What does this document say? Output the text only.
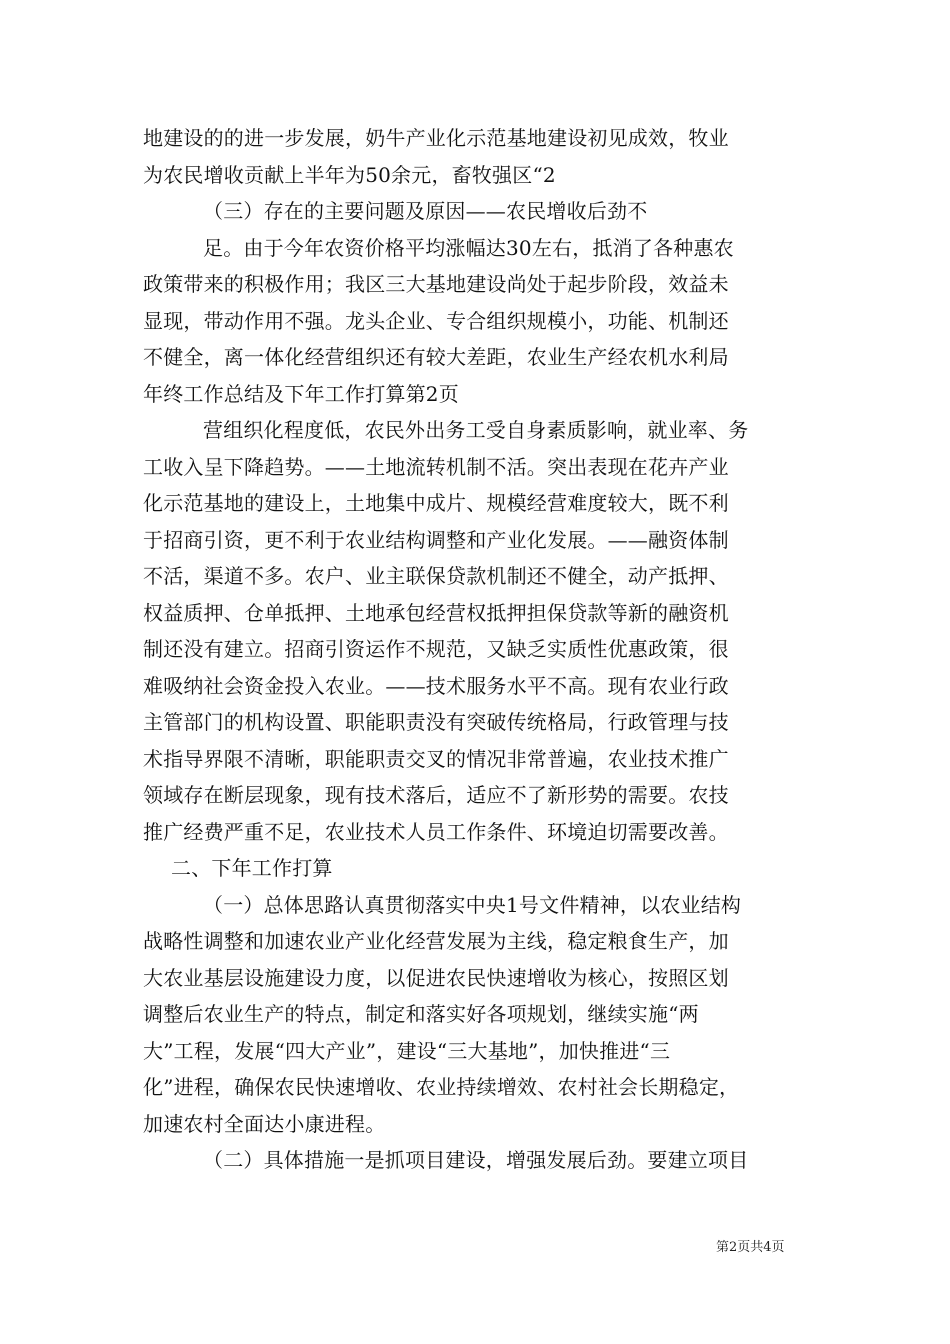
地建设的的进一步发展，奶牛产业化示范基地建设初见成效，牧业
为农民增收贡献上半年为50余元，畜牧强区“2
（三）存在的主要问题及原因——农民增收后劲不
足。由于今年农资价格平均涨幅达30左右，抵消了各种惠农
政策带来的积极作用；我区三大基地建设尚处于起步阶段，效益未
显现，带动作用不强。龙头企业、专合组织规模小，功能、机制还
不健全，离一体化经营组织还有较大差距，农业生产经农机水利局
年终工作总结及下年工作打算第2页
营组织化程度低，农民外出务工受自身素质影响，就业率、务
工收入呈下降趋势。——土地流转机制不活。突出表现在花卉产业
化示范基地的建设上，土地集中成片、规模经营难度较大，既不利
于招商引资，更不利于农业结构调整和产业化发展。——融资体制
不活，渠道不多。农户、业主联保贷款机制还不健全，动产抵押、
权益质押、仓单抵押、土地承包经营权抵押担保贷款等新的融资机
制还没有建立。招商引资运作不规范，又缺乏实质性优惠政策，很
难吸纳社会资金投入农业。——技术服务水平不高。现有农业行政
主管部门的机构设置、职能职责没有突破传统格局，行政管理与技
术指导界限不清晰，职能职责交叉的情况非常普遍，农业技术推广
领域存在断层现象，现有技术落后，适应不了新形势的需要。农技
推广经费严重不足，农业技术人员工作条件、环境迫切需要改善。
二、下年工作打算
（一）总体思路认真贯彻落实中央1号文件精神，以农业结构
战略性调整和加速农业产业化经营发展为主线，稳定粮食生产，加
大农业基层设施建设力度，以促进农民快速增收为核心，按照区划
调整后农业生产的特点，制定和落实好各项规划，继续实施“两
大”工程，发展“四大产业”，建设“三大基地”，加快推进“三
化”进程，确保农民快速增收、农业持续增效、农村社会长期稳定，
加速农村全面达小康进程。
（二）具体措施一是抓项目建设，增强发展后劲。要建立项目
第2页共4页
